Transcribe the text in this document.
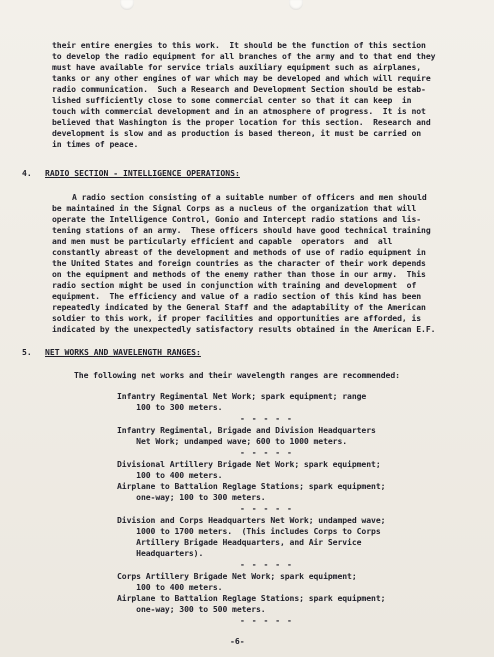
their entire energies to this work.  It should be the function of this section
to develop the radio equipment for all branches of the army and to that end they
must have available for service trials auxiliary equipment such as airplanes,
tanks or any other engines of war which may be developed and which will require
radio communication.  Such a Research and Development Section should be estab-
lished sufficiently close to some commercial center so that it can keep  in
touch with commercial development and in an atmosphere of progress.  It is not
believed that Washington is the proper location for this section.  Research and
development is slow and as production is based thereon, it must be carried on
in times of peace.
4. RADIO SECTION - INTELLIGENCE OPERATIONS:
A radio section consisting of a suitable number of officers and men should
be maintained in the Signal Corps as a nucleus of the organization that will
operate the Intelligence Control, Gonio and Intercept radio stations and lis-
tening stations of an army.  These officers should have good technical training
and men must be particularly efficient and capable  operators  and  all
constantly abreast of the development and methods of use of radio equipment in
the United States and foreign countries as the character of their work depends
on the equipment and methods of the enemy rather than those in our army.  This
radio section might be used in conjunction with training and development  of
equipment.  The efficiency and value of a radio section of this kind has been
repeatedly indicated by the General Staff and the adaptability of the American
soldier to this work, if proper facilities and opportunities are afforded, is
indicated by the unexpectedly satisfactory results obtained in the American E.F.
5. NET WORKS AND WAVELENGTH RANGES:
The following net works and their wavelength ranges are recommended:
Infantry Regimental Net Work; spark equipment; range
100 to 300 meters.
- - - - -
Infantry Regimental, Brigade and Division Headquarters
Net Work; undamped wave; 600 to 1000 meters.
- - - - -
Divisional Artillery Brigade Net Work; spark equipment;
100 to 400 meters.
Airplane to Battalion Reglage Stations; spark equipment;
one-way; 100 to 300 meters.
- - - - -
Division and Corps Headquarters Net Work; undamped wave;
1000 to 1700 meters.  (This includes Corps to Corps
Artillery Brigade Headquarters, and Air Service
Headquarters).
- - - - -
Corps Artillery Brigade Net Work; spark equipment;
100 to 400 meters.
Airplane to Battalion Reglage Stations; spark equipment;
one-way; 300 to 500 meters.
- - - - -
-6-
